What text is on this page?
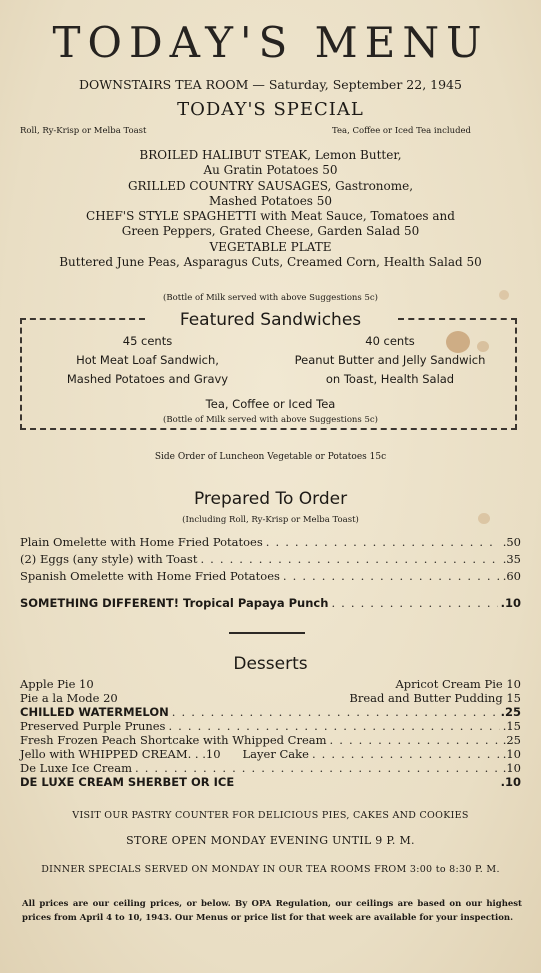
TODAY'S MENU
DOWNSTAIRS TEA ROOM — Saturday, September 22, 1945
TODAY'S SPECIAL
Roll, Ry-Krisp or Melba Toast	Tea, Coffee or Iced Tea included
BROILED HALIBUT STEAK, Lemon Butter,
Au Gratin Potatoes 50
GRILLED COUNTRY SAUSAGES, Gastronome,
Mashed Potatoes 50
CHEF'S STYLE SPAGHETTI with Meat Sauce, Tomatoes and
Green Peppers, Grated Cheese, Garden Salad 50
VEGETABLE PLATE
Buttered June Peas, Asparagus Cuts, Creamed Corn, Health Salad 50
(Bottle of Milk served with above Suggestions 5c)
Featured Sandwiches
45 cents
Hot Meat Loaf Sandwich,
Mashed Potatoes and Gravy
40 cents
Peanut Butter and Jelly Sandwich
on Toast, Health Salad
Tea, Coffee or Iced Tea
(Bottle of Milk served with above Suggestions 5c)
Side Order of Luncheon Vegetable or Potatoes 15c
Prepared To Order
(Including Roll, Ry-Krisp or Melba Toast)
Plain Omelette with Home Fried Potatoes . . .	.50
(2) Eggs (any style) with Toast . . .	.35
Spanish Omelette with Home Fried Potatoes . . .	.60
SOMETHING DIFFERENT! Tropical Papaya Punch . . .	.10
Desserts
Apple Pie 10	Apricot Cream Pie 10
Pie a la Mode 20	Bread and Butter Pudding 15
CHILLED WATERMELON . . .	.25
Preserved Purple Prunes . . .	.15
Fresh Frozen Peach Shortcake with Whipped Cream . . .	.25
Jello with WHIPPED CREAM. . .10 Layer Cake . . .	.10
De Luxe Ice Cream . . .	.10
DE LUXE CREAM SHERBET OR ICE	.10
VISIT OUR PASTRY COUNTER FOR DELICIOUS PIES, CAKES AND COOKIES
STORE OPEN MONDAY EVENING UNTIL 9 P. M.
DINNER SPECIALS SERVED ON MONDAY IN OUR TEA ROOMS FROM 3:00 to 8:30 P. M.
All prices are our ceiling prices, or below. By OPA Regulation, our ceilings are based on our highest prices from April 4 to 10, 1943. Our Menus or price list for that week are available for your inspection.
